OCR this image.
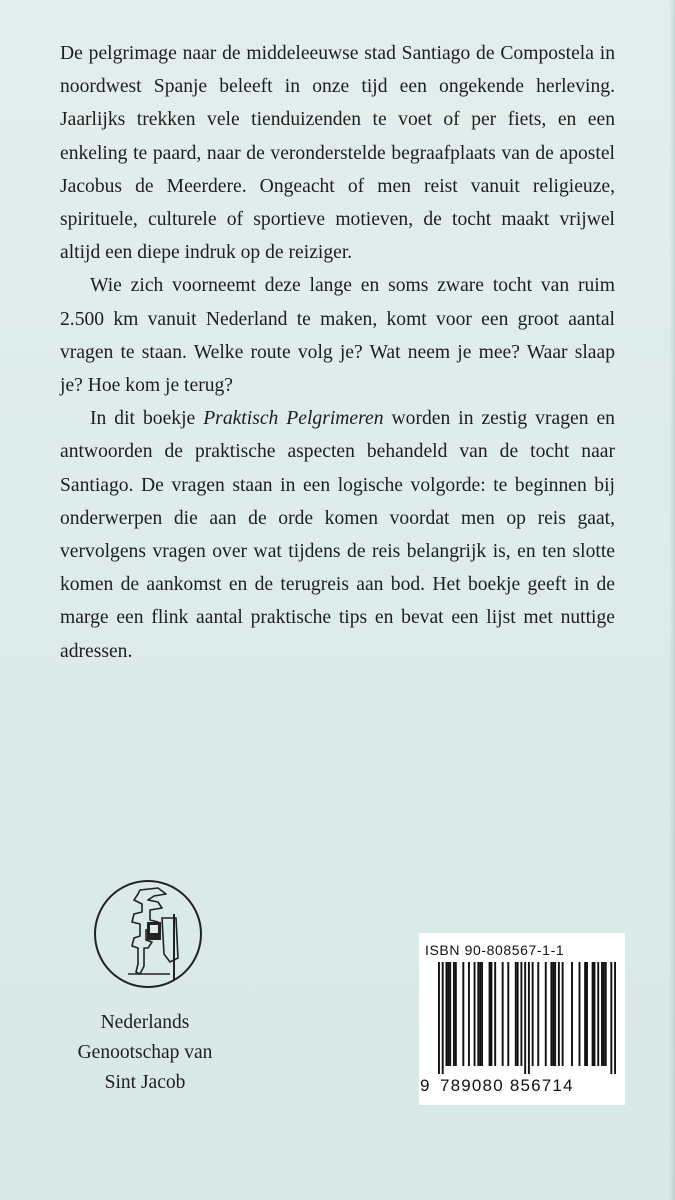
De pelgrimage naar de middeleeuwse stad Santiago de Compostela in noordwest Spanje beleeft in onze tijd een ongekende herleving. Jaarlijks trekken vele tienduizenden te voet of per fiets, en een enkeling te paard, naar de veronderstelde begraafplaats van de apostel Jacobus de Meerdere. Ongeacht of men reist vanuit religieuze, spirituele, culturele of sportieve motieven, de tocht maakt vrijwel altijd een diepe indruk op de reiziger.

Wie zich voorneemt deze lange en soms zware tocht van ruim 2.500 km vanuit Nederland te maken, komt voor een groot aantal vragen te staan. Welke route volg je? Wat neem je mee? Waar slaap je? Hoe kom je terug?

In dit boekje Praktisch Pelgrimeren worden in zestig vragen en antwoorden de praktische aspecten behandeld van de tocht naar Santiago. De vragen staan in een logische volgorde: te beginnen bij onderwerpen die aan de orde komen voordat men op reis gaat, vervolgens vragen over wat tijdens de reis belangrijk is, en ten slotte komen de aankomst en de terugreis aan bod. Het boekje geeft in de marge een flink aantal praktische tips en bevat een lijst met nuttige adressen.

Nederlands
Genootschap van
Sint Jacob
ISBN 90-808567-1-1
9 789080 856714
